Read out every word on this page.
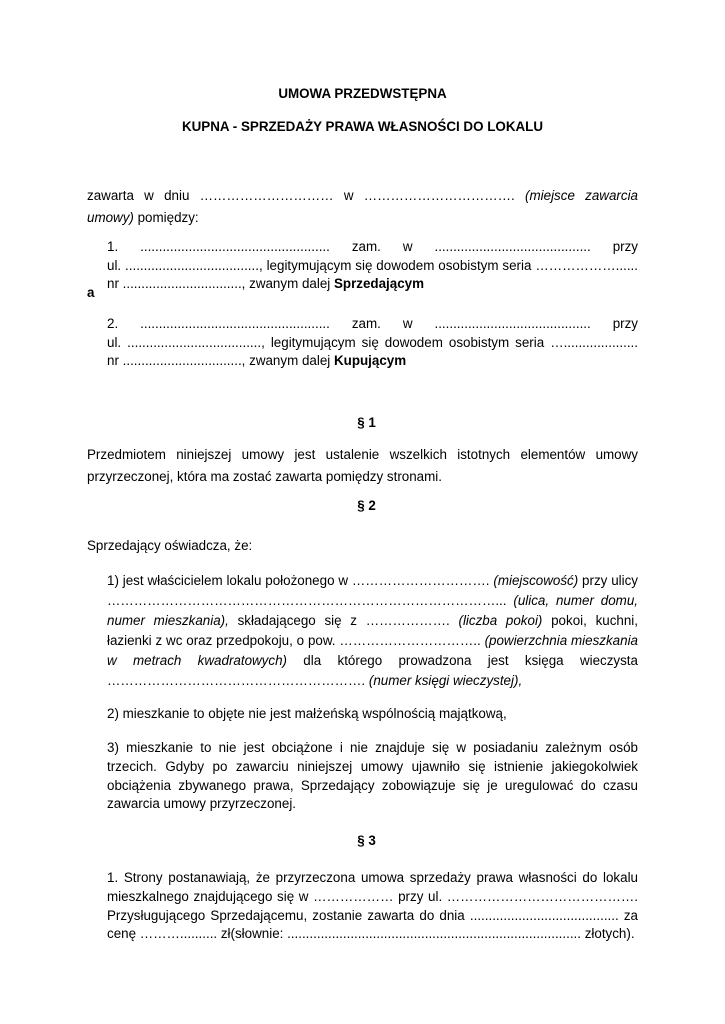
UMOWA PRZEDWSTĘPNA
KUPNA - SPRZEDAŻY PRAWA WŁASNOŚCI DO LOKALU
zawarta w dniu ………………………… w ……………………………. (miejsce zawarcia
umowy) pomiędzy:
1. ................................................... zam. w .......................................... przy
ul. ...................................., legitymującym się dowodem osobistym seria ………………......
nr ................................, zwanym dalej Sprzedającym
a
2. ................................................... zam. w .......................................... przy
ul. ...................................., legitymującym się dowodem osobistym seria …....................
nr ................................, zwanym dalej Kupującym
§ 1
Przedmiotem niniejszej umowy jest ustalenie wszelkich istotnych elementów umowy przyrzeczonej, która ma zostać zawarta pomiędzy stronami.
§ 2
Sprzedający oświadcza, że:
1) jest właścicielem lokalu położonego w …………………………. (miejscowość) przy ulicy ……………………………………………………………………………... (ulica, numer domu, numer mieszkania), składającego się z ………………. (liczba pokoi) pokoi, kuchni, łazienki z wc oraz przedpokoju, o pow. ………………………….. (powierzchnia mieszkania w metrach kwadratowych) dla którego prowadzona jest księga wieczysta …………………………………………………. (numer księgi wieczystej),
2) mieszkanie to objęte nie jest małżeńską wspólnością majątkową,
3) mieszkanie to nie jest obciążone i nie znajduje się w posiadaniu zależnym osób trzecich. Gdyby po zawarciu niniejszej umowy ujawniło się istnienie jakiegokolwiek obciążenia zbywanego prawa, Sprzedający zobowiązuje się je uregulować do czasu zawarcia umowy przyrzeczonej.
§ 3
1. Strony postanawiają, że przyrzeczona umowa sprzedaży prawa własności do lokalu mieszkalnego znajdującego się w ……………… przy ul. ……………………………………. Przysługującego Sprzedającemu, zostanie zawarta do dnia ........................................ za cenę ……….......... zł(słownie: ............................................................................... złotych).
